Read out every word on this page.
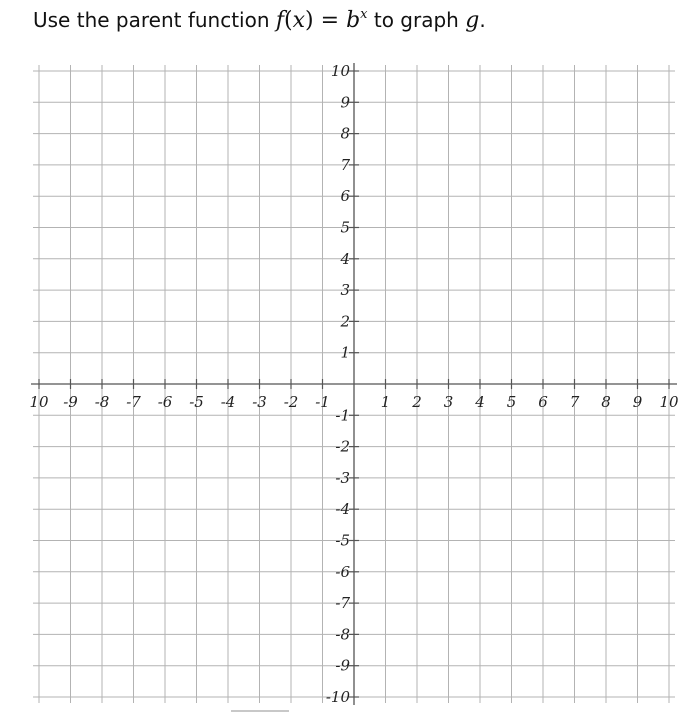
Use the parent function $f(x) = b^x$ to graph g.
10 -9 -8 -7 -6 -5 -4 -3 -2 -1	1 2 3 4 5 6 7 8 9 10
10
9
8
7
6
5
4
3
2
1
-1
-2
-3
-4
-5
-6
-7
-8
-9
-10
